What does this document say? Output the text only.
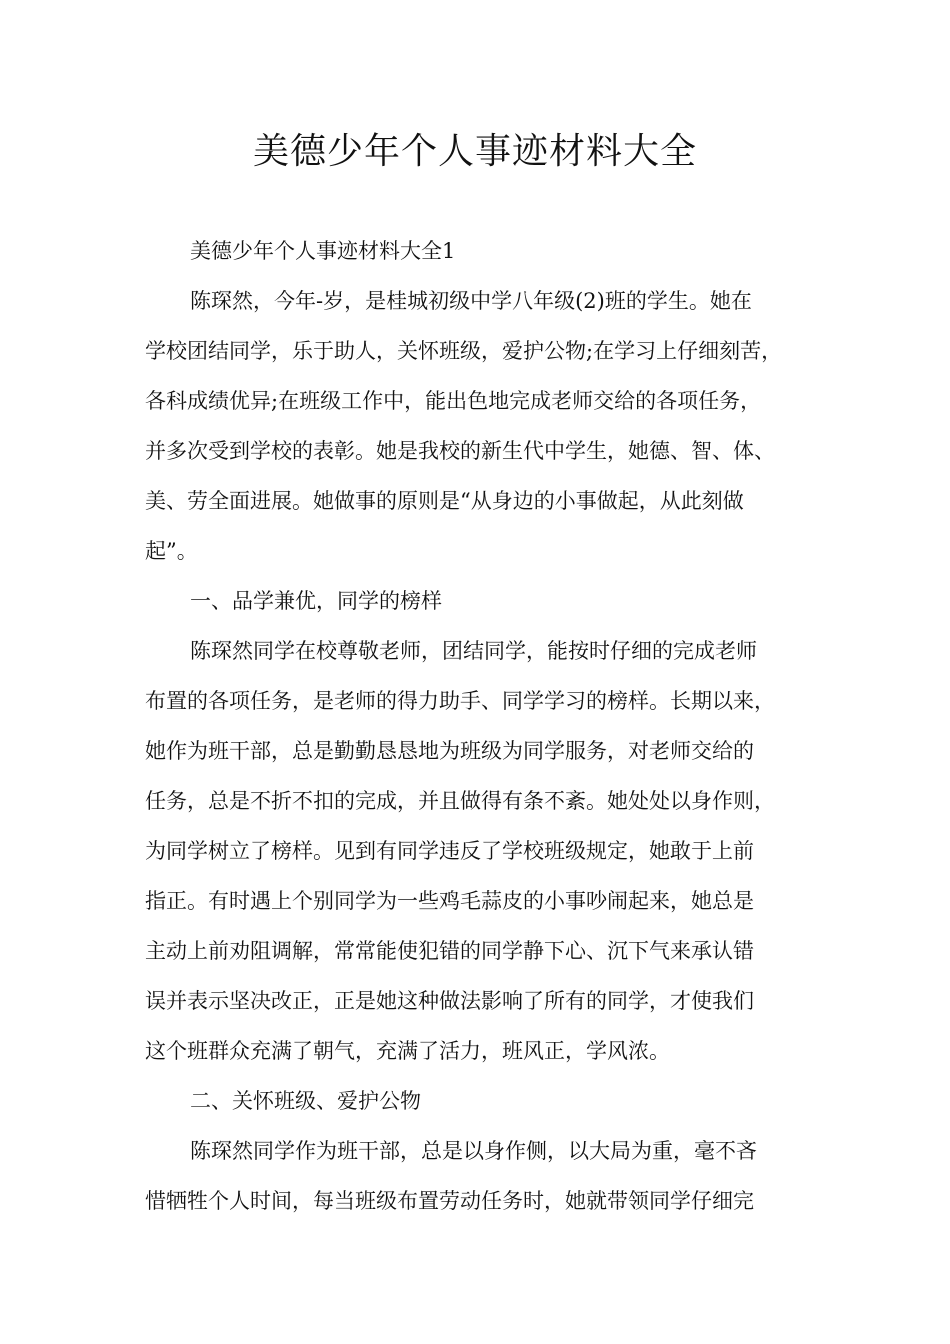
美德少年个人事迹材料大全
美德少年个人事迹材料大全1
陈琛然，今年-岁，是桂城初级中学八年级(2)班的学生。她在
学校团结同学，乐于助人，关怀班级，爱护公物;在学习上仔细刻苦，
各科成绩优异;在班级工作中，能出色地完成老师交给的各项任务，
并多次受到学校的表彰。她是我校的新生代中学生，她德、智、体、
美、劳全面进展。她做事的原则是“从身边的小事做起，从此刻做
起”。
一、品学兼优，同学的榜样
陈琛然同学在校尊敬老师，团结同学，能按时仔细的完成老师
布置的各项任务，是老师的得力助手、同学学习的榜样。长期以来，
她作为班干部，总是勤勤恳恳地为班级为同学服务，对老师交给的
任务，总是不折不扣的完成，并且做得有条不紊。她处处以身作则，
为同学树立了榜样。见到有同学违反了学校班级规定，她敢于上前
指正。有时遇上个别同学为一些鸡毛蒜皮的小事吵闹起来，她总是
主动上前劝阻调解，常常能使犯错的同学静下心、沉下气来承认错
误并表示坚决改正，正是她这种做法影响了所有的同学，才使我们
这个班群众充满了朝气，充满了活力，班风正，学风浓。
二、关怀班级、爱护公物
陈琛然同学作为班干部，总是以身作侧，以大局为重，毫不吝
惜牺牲个人时间，每当班级布置劳动任务时，她就带领同学仔细完
